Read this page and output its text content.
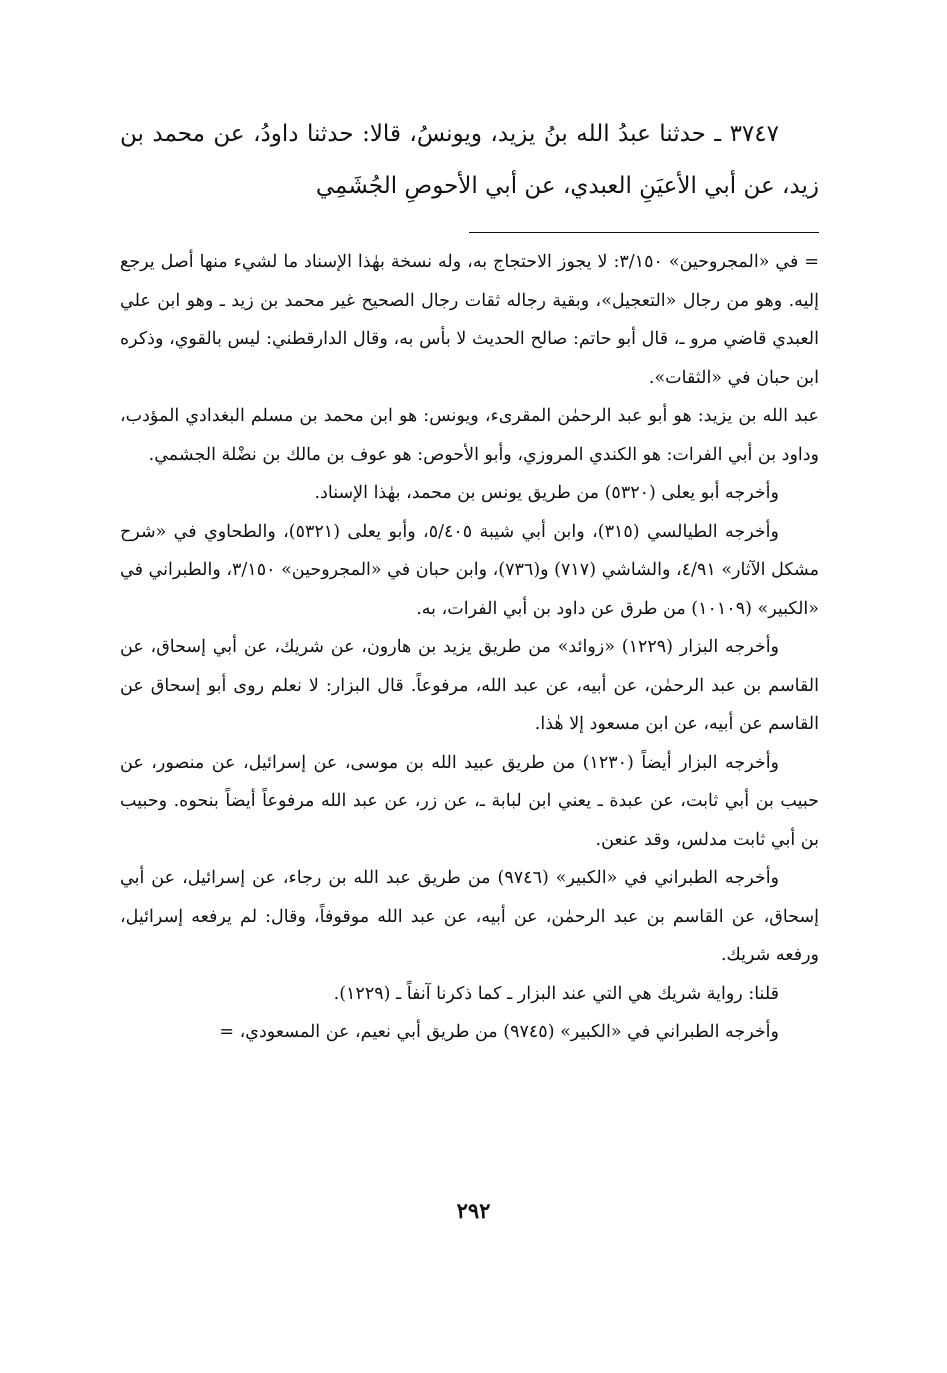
٣٧٤٧ ـ حدثنا عبدُ الله بنُ يزيد، ويونسُ، قالا: حدثنا داودُ، عن محمد بن زيد، عن أبي الأعيَنِ العبدي، عن أبي الأحوصِ الجُشَمِي

= في «المجروحين» ٣/١٥٠: لا يجوز الاحتجاج به، وله نسخة بهٰذا الإسناد ما لشيء منها أصل يرجع إليه. وهو من رجال «التعجيل»، وبقية رجاله ثقات رجال الصحيح غير محمد بن زيد ـ وهو ابن علي العبدي قاضي مرو ـ، قال أبو حاتم: صالح الحديث لا بأس به، وقال الدارقطني: ليس بالقوي، وذكره ابن حبان في «الثقات».

عبد الله بن يزيد: هو أبو عبد الرحمٰن المقرىء، ويونس: هو ابن محمد بن مسلم البغدادي المؤدب، وداود بن أبي الفرات: هو الكندي المروزي، وأبو الأحوص: هو عوف بن مالك بن نضْلة الجشمي.

وأخرجه أبو يعلى (٥٣٢٠) من طريق يونس بن محمد، بهٰذا الإسناد.

وأخرجه الطيالسي (٣١٥)، وابن أبي شيبة ٥/٤٠٥، وأبو يعلى (٥٣٢١)، والطحاوي في «شرح مشكل الآثار» ٤/٩١، والشاشي (٧١٧) و(٧٣٦)، وابن حبان في «المجروحين» ٣/١٥٠، والطبراني في «الكبير» (١٠١٠٩) من طرق عن داود بن أبي الفرات، به.

وأخرجه البزار (١٢٢٩) «زوائد» من طريق يزيد بن هارون، عن شريك، عن أبي إسحاق، عن القاسم بن عبد الرحمٰن، عن أبيه، عن عبد الله، مرفوعاً. قال البزار: لا نعلم روى أبو إسحاق عن القاسم عن أبيه، عن ابن مسعود إلا هٰذا.

وأخرجه البزار أيضاً (١٢٣٠) من طريق عبيد الله بن موسى، عن إسرائيل، عن منصور، عن حبيب بن أبي ثابت، عن عبدة ـ يعني ابن لبابة ـ، عن زر، عن عبد الله مرفوعاً أيضاً بنحوه. وحبيب بن أبي ثابت مدلس، وقد عنعن.

وأخرجه الطبراني في «الكبير» (٩٧٤٦) من طريق عبد الله بن رجاء، عن إسرائيل، عن أبي إسحاق، عن القاسم بن عبد الرحمٰن، عن أبيه، عن عبد الله موقوفاً، وقال: لم يرفعه إسرائيل، ورفعه شريك.

قلنا: رواية شريك هي التي عند البزار ـ كما ذكرنا آنفاً ـ (١٢٢٩).

وأخرجه الطبراني في «الكبير» (٩٧٤٥) من طريق أبي نعيم، عن المسعودي، =

٢٩٢
